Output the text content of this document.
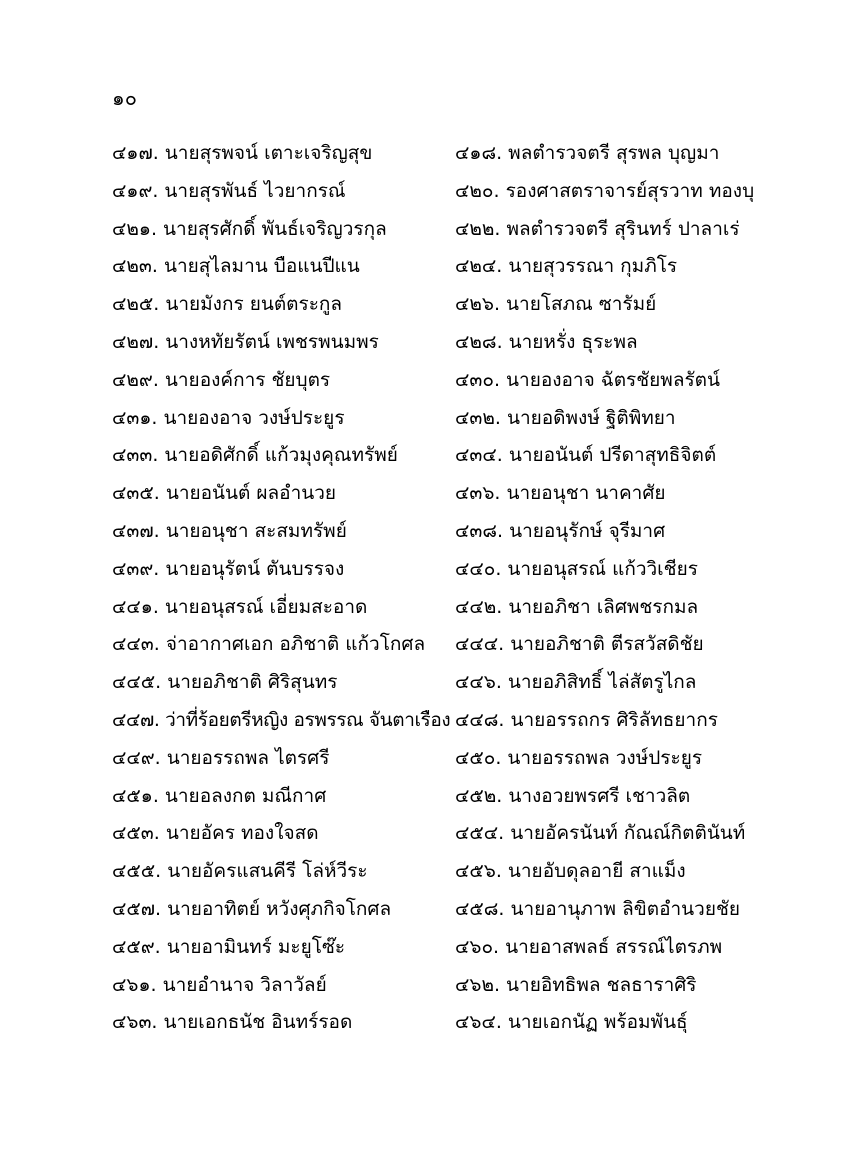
๑๐
๔๑๗. นายสุรพจน์ เตาะเจริญสุข	๔๑๘. พลตำรวจตรี สุรพล บุญมา
๔๑๙. นายสุรพันธ์ ไวยากรณ์	๔๒๐. รองศาสตราจารย์สุรวาท ทองบุ
๔๒๑. นายสุรศักดิ์ พันธ์เจริญวรกุล	๔๒๒. พลตำรวจตรี สุรินทร์ ปาลาเร่
๔๒๓. นายสุไลมาน บือแนปีแน	๔๒๔. นายสุวรรณา กุมภิโร
๔๒๕. นายมังกร ยนต์ตระกูล	๔๒๖. นายโสภณ ซารัมย์
๔๒๗. นางหทัยรัตน์ เพชรพนมพร	๔๒๘. นายหรั่ง ธุระพล
๔๒๙. นายองค์การ ชัยบุตร	๔๓๐. นายองอาจ ฉัตรชัยพลรัตน์
๔๓๑. นายองอาจ วงษ์ประยูร	๔๓๒. นายอดิพงษ์ ฐิติพิทยา
๔๓๓. นายอดิศักดิ์ แก้วมุงคุณทรัพย์	๔๓๔. นายอนันต์ ปรีดาสุทธิจิตต์
๔๓๕. นายอนันต์ ผลอำนวย	๔๓๖. นายอนุชา นาคาศัย
๔๓๗. นายอนุชา สะสมทรัพย์	๔๓๘. นายอนุรักษ์ จุรีมาศ
๔๓๙. นายอนุรัตน์ ตันบรรจง	๔๔๐. นายอนุสรณ์ แก้ววิเชียร
๔๔๑. นายอนุสรณ์ เอี่ยมสะอาด	๔๔๒. นายอภิชา เลิศพชรกมล
๔๔๓. จ่าอากาศเอก อภิชาติ แก้วโกศล ๔๔๔. นายอภิชาติ ตีรสวัสดิชัย
๔๔๕. นายอภิชาติ ศิริสุนทร	๔๔๖. นายอภิสิทธิ์ ไล่สัตรูไกล
๔๔๗. ว่าที่ร้อยตรีหญิง อรพรรณ จันตาเรือง ๔๔๘. นายอรรถกร ศิริลัทธยากร
๔๔๙. นายอรรถพล ไตรศรี	๔๕๐. นายอรรถพล วงษ์ประยูร
๔๕๑. นายอลงกต มณีกาศ	๔๕๒. นางอวยพรศรี เชาวลิต
๔๕๓. นายอัคร ทองใจสด	๔๕๔. นายอัครนันท์ กัณณ์กิตตินันท์
๔๕๕. นายอัครแสนคีรี โล่ห์วีระ	๔๕๖. นายอับดุลอายี สาแม็ง
๔๕๗. นายอาทิตย์ หวังศุภกิจโกศล	๔๕๘. นายอานุภาพ ลิขิตอำนวยชัย
๔๕๙. นายอามินทร์ มะยูโซ๊ะ	๔๖๐. นายอาสพลธ์ สรรณ์ไตรภพ
๔๖๑. นายอำนาจ วิลาวัลย์	๔๖๒. นายอิทธิพล ชลธาราศิริ
๔๖๓. นายเอกธนัช อินทร์รอด	๔๖๔. นายเอกนัฏ พร้อมพันธุ์
